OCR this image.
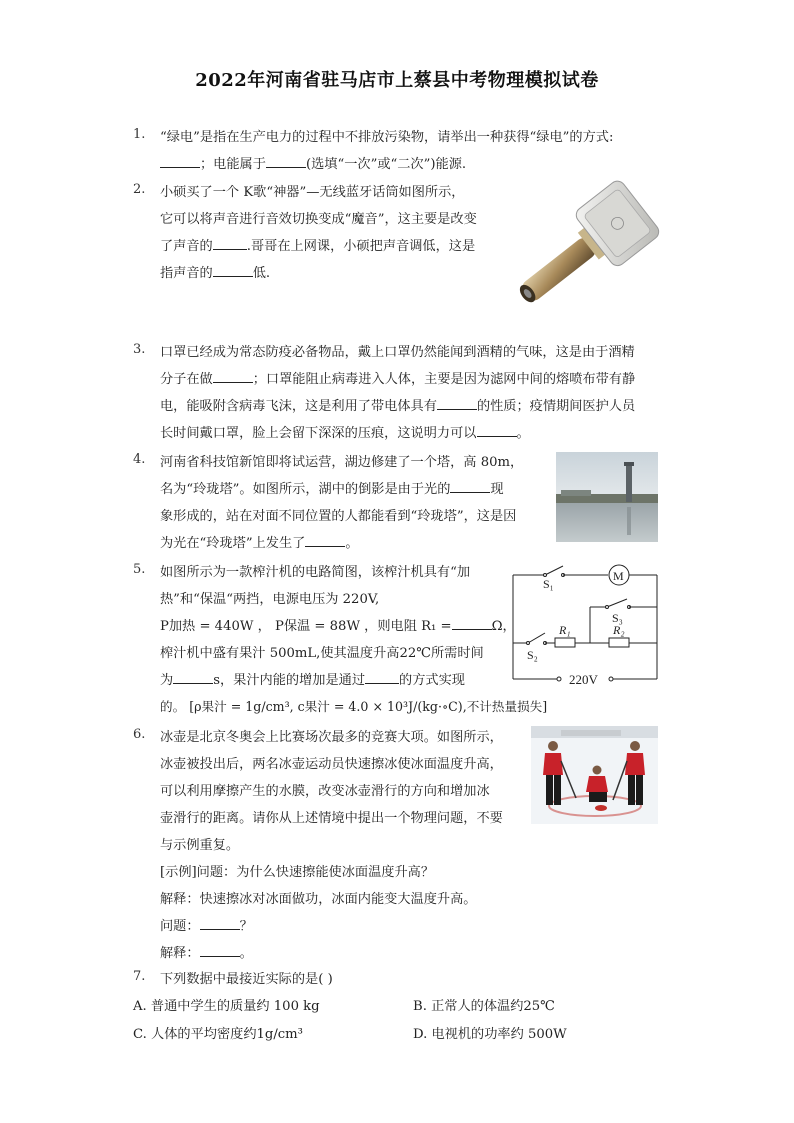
2022年河南省驻马店市上蔡县中考物理模拟试卷
1. “绿电”是指在生产电力的过程中不排放污染物，请举出一种获得“绿电”的方式:
；电能属于	(选填“一次”或“二次”)能源.
2. 小硕买了一个 K歌“神器”—无线蓝牙话筒如图所示，
它可以将声音进行音效切换变成“魔音”，这主要是改变
了声音的	.哥哥在上网课，小硕把声音调低，这是
指声音的	低.
3. 口罩已经成为常态防疫必备物品，戴上口罩仍然能闻到酒精的气味，这是由于酒精
分子在做	；口罩能阻止病毒进入人体，主要是因为滤网中间的熔喷布带有静
电，能吸附含病毒飞沫，这是利用了带电体具有	的性质；疫情期间医护人员
长时间戴口罩，脸上会留下深深的压痕，这说明力可以	。
4. 河南省科技馆新馆即将试运营，湖边修建了一个塔，高 80m，
名为“玲珑塔”。如图所示，湖中的倒影是由于光的	现
象形成的，站在对面不同位置的人都能看到“玲珑塔”，这是因
为光在“玲珑塔”上发生了	。
5. 如图所示为一款榨汁机的电路简图，该榨汁机具有“加
热”和“保温“两挡，电源电压为 220V,
P加热 = 440W ， P保温 = 88W ，则电阻 R₁ =	Ω，
榨汁机中盛有果汁 500mL,使其温度升高22℃所需时间
为	s，果汁内能的增加是通过	的方式实现
的。 [ρ果汁 = 1g/cm³, c果汁 = 4.0 × 10³J/(kg·∘C),不计热量损失]
S₁
M
S₃
R₁	R₂
S₂
220V
6. 冰壶是北京冬奥会上比赛场次最多的竞赛大项。如图所示，
冰壶被投出后，两名冰壶运动员快速擦冰使冰面温度升高，
可以利用摩擦产生的水膜，改变冰壶滑行的方向和增加冰
壶滑行的距离。请你从上述情境中提出一个物理问题，不要
与示例重复。
[示例]问题：为什么快速擦能使冰面温度升高？
解释：快速擦冰对冰面做功，冰面内能变大温度升高。
问题：	？
解释：	。
7. 下列数据中最接近实际的是( )
A. 普通中学生的质量约 100 kg	B. 正常人的体温约25℃
C. 人体的平均密度约1g/cm³	D. 电视机的功率约 500W
